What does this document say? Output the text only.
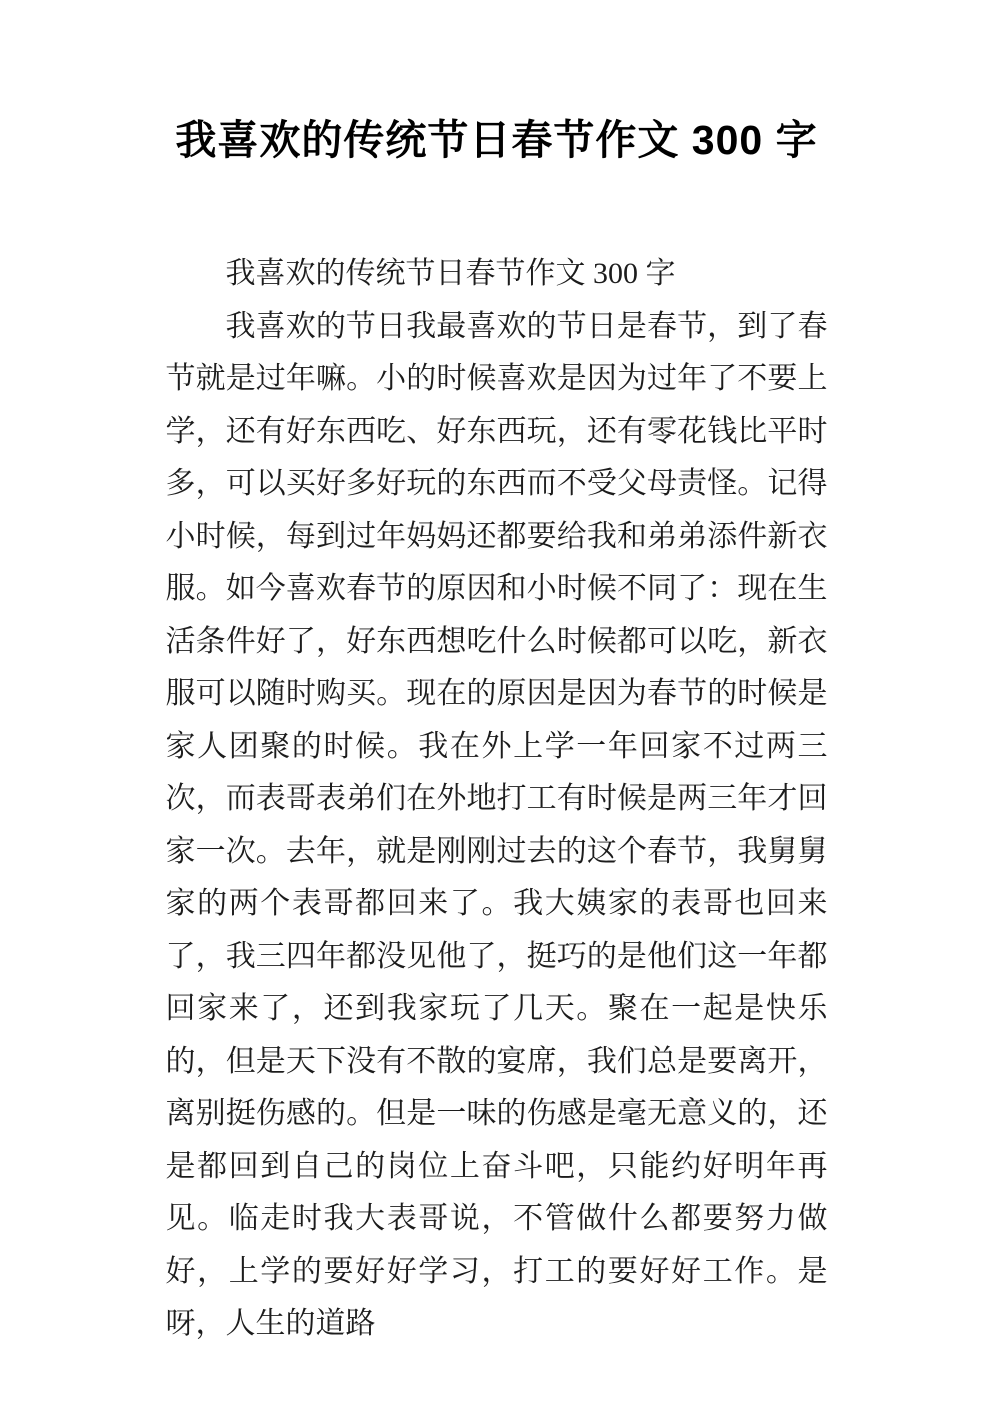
我喜欢的传统节日春节作文 300 字

我喜欢的传统节日春节作文 300 字

我喜欢的节日我最喜欢的节日是春节，到了春节就是过年嘛。小的时候喜欢是因为过年了不要上学，还有好东西吃、好东西玩，还有零花钱比平时多，可以买好多好玩的东西而不受父母责怪。记得小时候，每到过年妈妈还都要给我和弟弟添件新衣服。如今喜欢春节的原因和小时候不同了：现在生活条件好了，好东西想吃什么时候都可以吃，新衣服可以随时购买。现在的原因是因为春节的时候是家人团聚的时候。我在外上学一年回家不过两三次，而表哥表弟们在外地打工有时候是两三年才回家一次。去年，就是刚刚过去的这个春节，我舅舅家的两个表哥都回来了。我大姨家的表哥也回来了，我三四年都没见他了，挺巧的是他们这一年都回家来了，还到我家玩了几天。聚在一起是快乐的，但是天下没有不散的宴席，我们总是要离开，离别挺伤感的。但是一味的伤感是毫无意义的，还是都回到自己的岗位上奋斗吧，只能约好明年再见。临走时我大表哥说，不管做什么都要努力做好，上学的要好好学习，打工的要好好工作。是呀，人生的道路
